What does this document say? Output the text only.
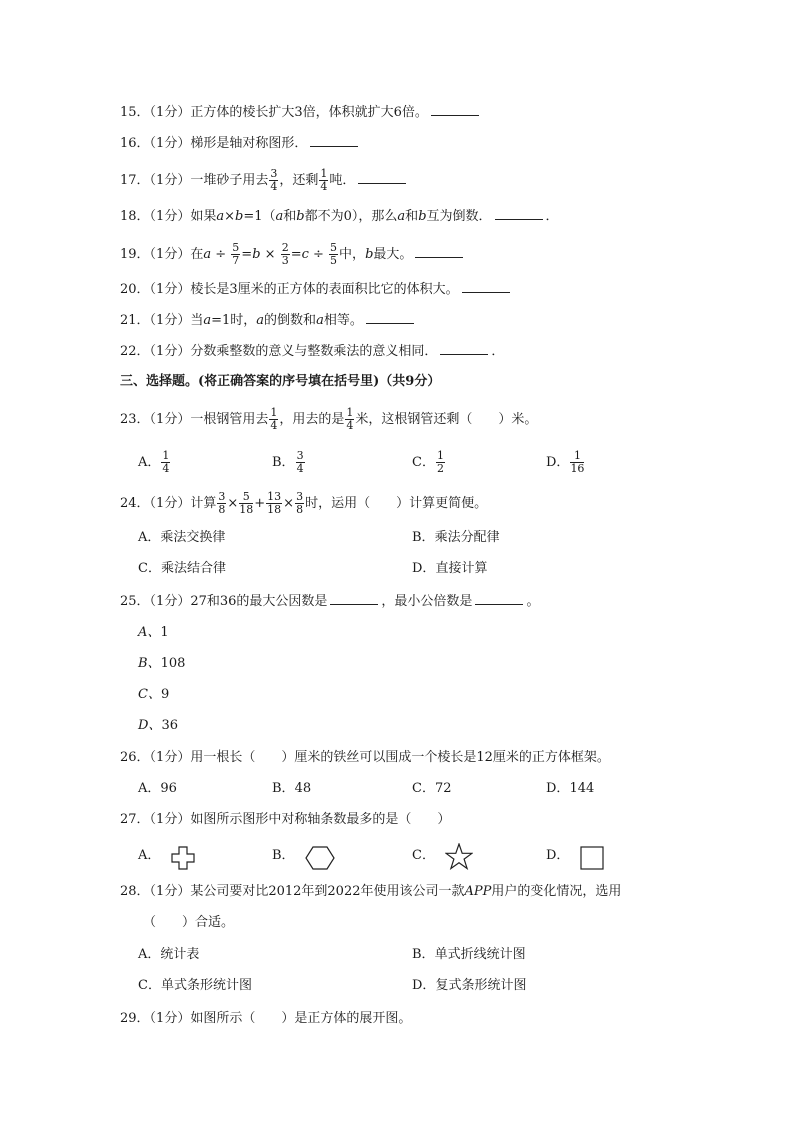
15．（1分）正方体的棱长扩大3倍，体积就扩大6倍。
16．（1分）梯形是轴对称图形．
17．（1分）一堆砂子用去 $\frac{3}{4}$ ，还剩 $\frac{1}{4}$ 吨．
18．（1分）如果a×b=1（a和b都不为0），那么a和b互为倒数．	．
19．（1分）在$a \div \frac{5}{7} =b \times \frac{2}{3} =c \div \frac{5}{5}$ 中，b最大。
20．（1分）棱长是3厘米的正方体的表面积比它的体积大。
21．（1分）当a=1时，a的倒数和a相等。
22．（1分）分数乘整数的意义与整数乘法的意义相同．	．
三、选择题。(将正确答案的序号填在括号里)（共9分）
23．（1分）一根钢管用去 $\frac{1}{4}$ ，用去的是 $\frac{1}{4}$ 米，这根钢管还剩（　　）米。
A． $\frac{1}{4}$	B． $\frac{3}{4}$	C． $\frac{1}{2}$	D． $\frac{1}{16}$
24．（1分）计算 $\frac{3}{8} \times \frac{5}{18} + \frac{13}{18} \times \frac{3}{8}$ 时，运用（　　）计算更简便。
A．乘法交换律	B．乘法分配律
C．乘法结合律	D．直接计算
25．（1分）27和36的最大公因数是	，最小公倍数是	。
A、1
B、108
C、9
D、36
26．（1分）用一根长（　　）厘米的铁丝可以围成一个棱长是12厘米的正方体框架。
A．96	B．48	C．72	D．144
27．（1分）如图所示图形中对称轴条数最多的是（　　）
A．	B．	C．	D．
28．（1分）某公司要对比2012年到2022年使用该公司一款APP用户的变化情况，选用
（　　）合适。
A．统计表	B．单式折线统计图
C．单式条形统计图	D．复式条形统计图
29．（1分）如图所示（　　）是正方体的展开图。
